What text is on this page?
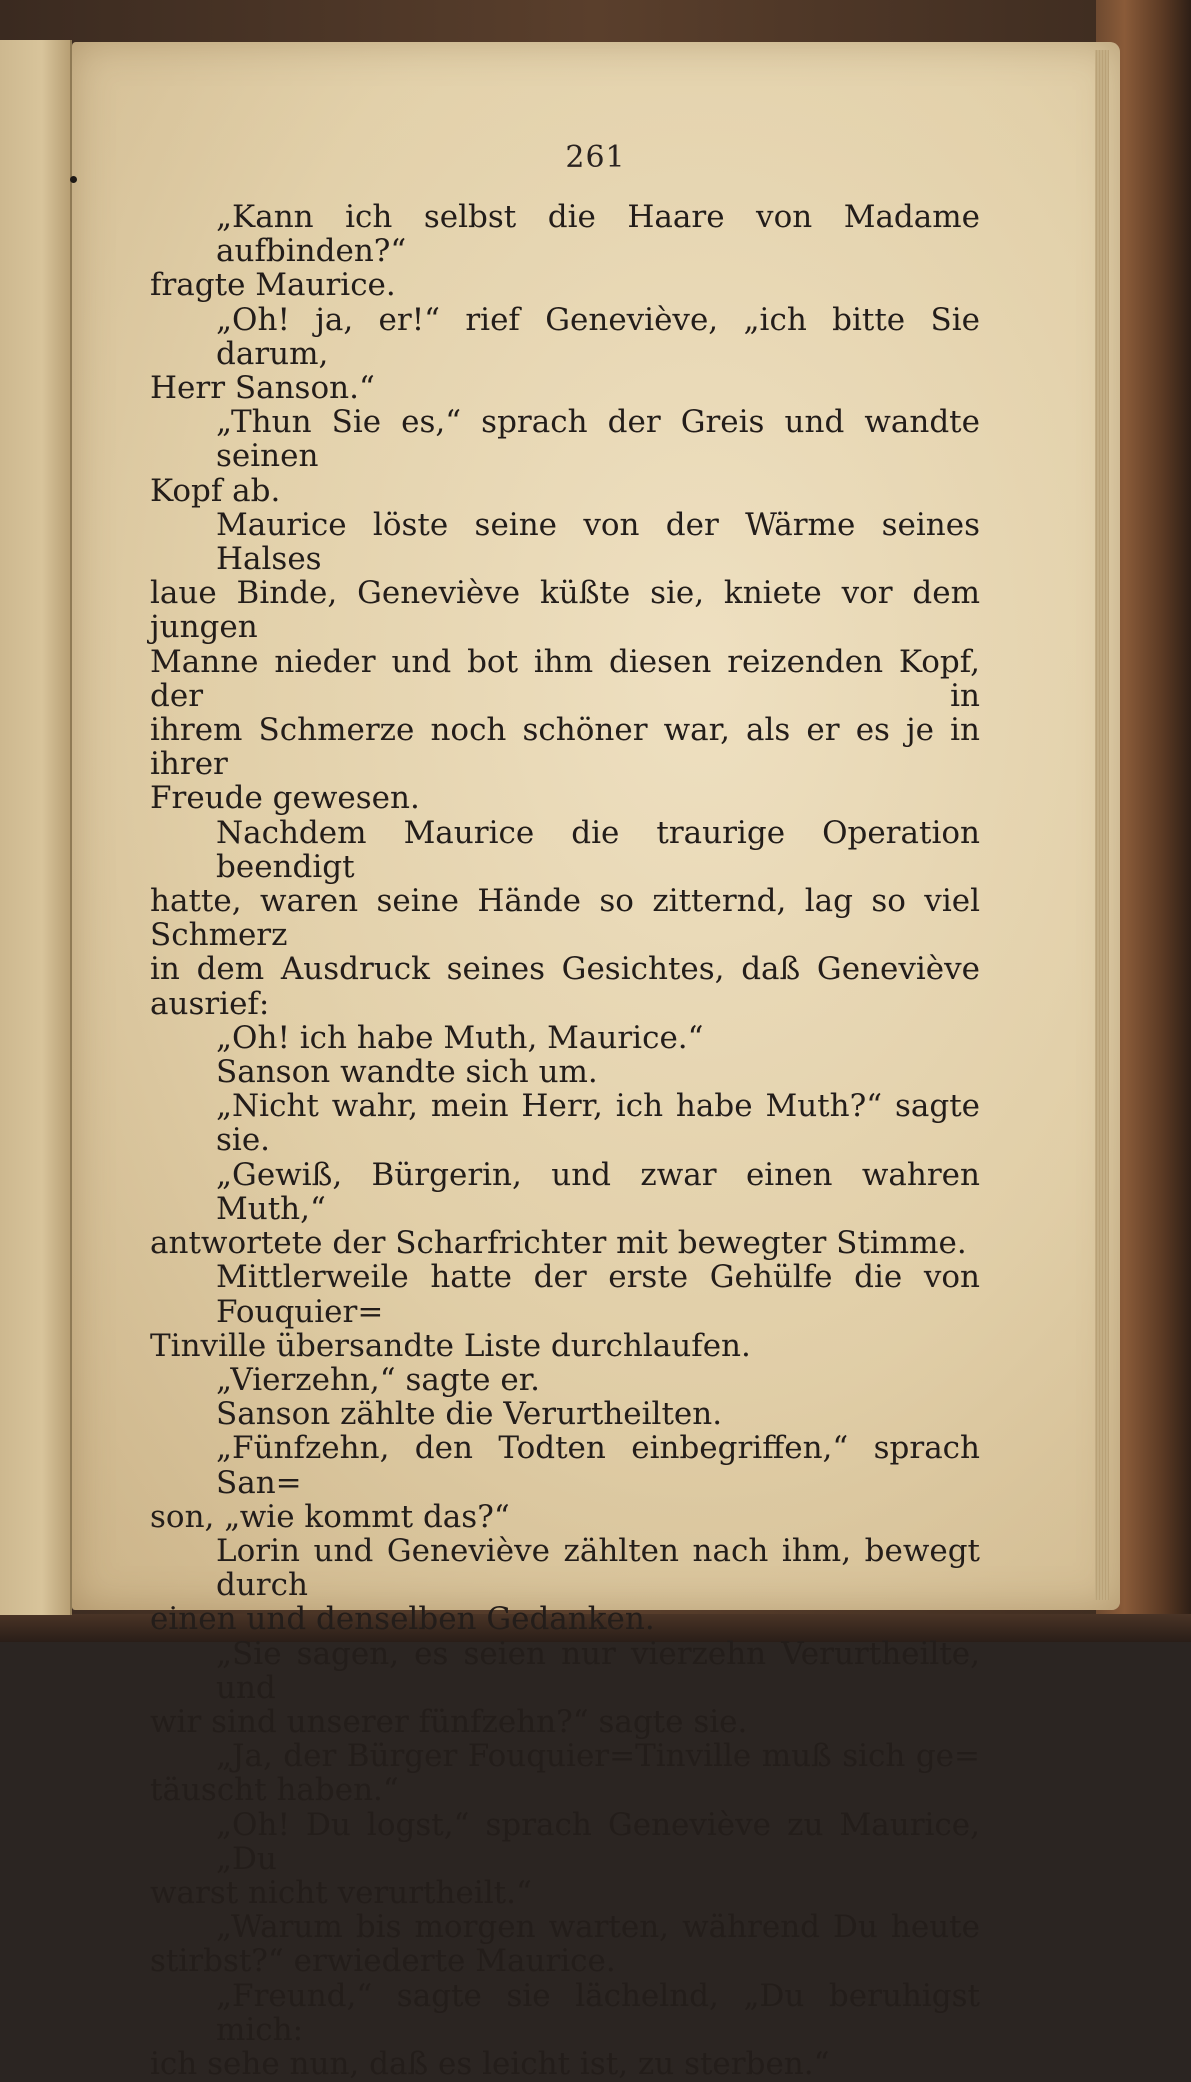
261
„Kann ich selbst die Haare von Madame aufbinden?“
fragte Maurice.
„Oh! ja, er!“ rief Geneviève, „ich bitte Sie darum,
Herr Sanson.“
„Thun Sie es,“ sprach der Greis und wandte seinen
Kopf ab.
Maurice löste seine von der Wärme seines Halses
laue Binde, Geneviève küßte sie, kniete vor dem jungen
Manne nieder und bot ihm diesen reizenden Kopf, der in
ihrem Schmerze noch schöner war, als er es je in ihrer
Freude gewesen.
Nachdem Maurice die traurige Operation beendigt
hatte, waren seine Hände so zitternd, lag so viel Schmerz
in dem Ausdruck seines Gesichtes, daß Geneviève ausrief:
„Oh! ich habe Muth, Maurice.“
Sanson wandte sich um.
„Nicht wahr, mein Herr, ich habe Muth?“ sagte sie.
„Gewiß, Bürgerin, und zwar einen wahren Muth,“
antwortete der Scharfrichter mit bewegter Stimme.
Mittlerweile hatte der erste Gehülfe die von Fouquier=
Tinville übersandte Liste durchlaufen.
„Vierzehn,“ sagte er.
Sanson zählte die Verurtheilten.
„Fünfzehn, den Todten einbegriffen,“ sprach San=
son, „wie kommt das?“
Lorin und Geneviève zählten nach ihm, bewegt durch
einen und denselben Gedanken.
„Sie sagen, es seien nur vierzehn Verurtheilte, und
wir sind unserer fünfzehn?“ sagte sie.
„Ja, der Bürger Fouquier=Tinville muß sich ge=
täuscht haben.“
„Oh! Du logst,“ sprach Geneviève zu Maurice, „Du
warst nicht verurtheilt.“
„Warum bis morgen warten, während Du heute
stirbst?“ erwiederte Maurice.
„Freund,“ sagte sie lächelnd, „Du beruhigst mich:
ich sehe nun, daß es leicht ist, zu sterben.“
